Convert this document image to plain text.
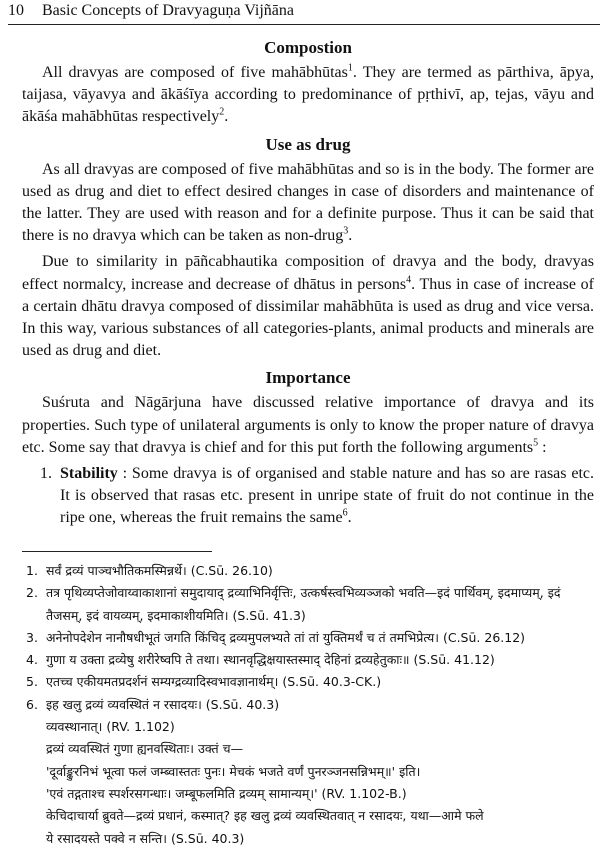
10 Basic Concepts of Dravyaguṇa Vijñāna
Compostion

All dravyas are composed of five mahābhūtas$^1$. They are termed as pārthiva, āpya, taijasa, vāyavya and ākāśīya according to predominance of pṛthivī, ap, tejas, vāyu and ākāśa mahābhūtas respectively$^2$.

Use as drug

As all dravyas are composed of five mahābhūtas and so is in the body. The former are used as drug and diet to effect desired changes in case of disorders and maintenance of the latter. They are used with reason and for a definite purpose. Thus it can be said that there is no dravya which can be taken as non-drug$^3$.

Due to similarity in pāñcabhautika composition of dravya and the body, dravyas effect normalcy, increase and decrease of dhātus in persons$^4$. Thus in case of increase of a certain dhātu dravya composed of dissimilar mahābhūta is used as drug and vice versa. In this way, various substances of all categories-plants, animal products and minerals are used as drug and diet.

Importance

Suśruta and Nāgārjuna have discussed relative importance of dravya and its properties. Such type of unilateral arguments is only to know the proper nature of dravya etc. Some say that dravya is chief and for this put forth the following arguments$^5$ :

1. Stability : Some dravya is of organised and stable nature and has so are rasas etc. It is observed that rasas etc. present in unripe state of fruit do not continue in the ripe one, whereas the fruit remains the same$^6$.
1. सर्वं द्रव्यं पाञ्चभौतिकमस्मिन्नर्थे। (C.Sū. 26.10)
2. तत्र पृथिव्यप्तेजोवाय्वाकाशानां समुदायाद् द्रव्याभिनिर्वृत्तिः, उत्कर्षस्त्वभिव्यञ्जको भवति—इदं पार्थिवम्, इदमाप्यम्, इदं
तैजसम्, इदं वायव्यम्, इदमाकाशीयमिति। (S.Sū. 41.3)
3. अनेनोपदेशेन नानौषधीभूतं जगति किंचिद् द्रव्यमुपलभ्यते तां तां युक्तिमर्थं च तं तमभिप्रेत्य। (C.Sū. 26.12)
4. गुणा य उक्ता द्रव्येषु शरीरेष्वपि ते तथा। स्थानवृद्धिक्षयास्तस्माद् देहिनां द्रव्यहेतुकाः॥ (S.Sū. 41.12)
5. एतच्च एकीयमतप्रदर्शनं सम्यग्द्रव्यादिस्वभावज्ञानार्थम्। (S.Sū. 40.3-CK.)
6. इह खलु द्रव्यं व्यवस्थितं न रसादयः। (S.Sū. 40.3)
व्यवस्थानात्। (RV. 1.102)
द्रव्यं व्यवस्थितं गुणा ह्यनवस्थिताः। उक्तं च—
'दूर्वाङ्कुरनिभं भूत्वा फलं जम्ब्वास्ततः पुनः। मेचकं भजते वर्णं पुनरञ्जनसन्निभम्॥' इति।
'एवं तद्गताश्च स्पर्शरसगन्धाः। जम्बूफलमिति द्रव्यम् सामान्यम्।' (RV. 1.102-B.)
केचिदाचार्या ब्रुवते—द्रव्यं प्रधानं, कस्मात्? इह खलु द्रव्यं व्यवस्थितवात् न रसादयः, यथा—आमे फले
ये रसादयस्ते पक्वे न सन्ति। (S.Sū. 40.3)
